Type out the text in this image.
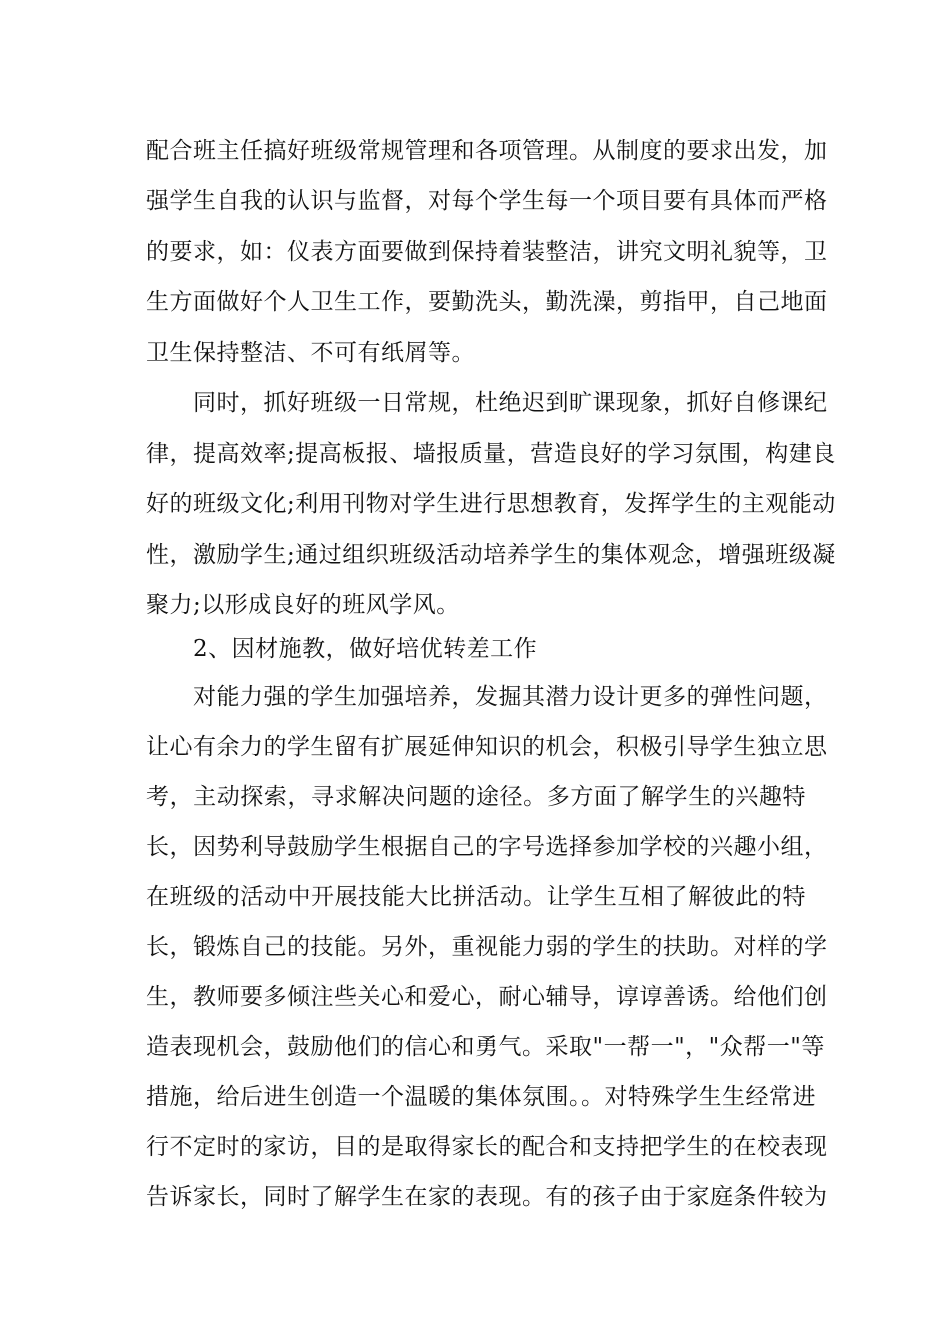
配合班主任搞好班级常规管理和各项管理。从制度的要求出发，加
强学生自我的认识与监督，对每个学生每一个项目要有具体而严格
的要求，如：仪表方面要做到保持着装整洁，讲究文明礼貌等，卫
生方面做好个人卫生工作，要勤洗头，勤洗澡，剪指甲，自己地面
卫生保持整洁、不可有纸屑等。
同时，抓好班级一日常规，杜绝迟到旷课现象，抓好自修课纪
律，提高效率;提高板报、墙报质量，营造良好的学习氛围，构建良
好的班级文化;利用刊物对学生进行思想教育，发挥学生的主观能动
性，激励学生;通过组织班级活动培养学生的集体观念，增强班级凝
聚力;以形成良好的班风学风。
2、因材施教，做好培优转差工作
对能力强的学生加强培养，发掘其潜力设计更多的弹性问题，
让心有余力的学生留有扩展延伸知识的机会，积极引导学生独立思
考，主动探索，寻求解决问题的途径。多方面了解学生的兴趣特
长，因势利导鼓励学生根据自己的字号选择参加学校的兴趣小组，
在班级的活动中开展技能大比拼活动。让学生互相了解彼此的特
长，锻炼自己的技能。另外，重视能力弱的学生的扶助。对样的学
生，教师要多倾注些关心和爱心，耐心辅导，谆谆善诱。给他们创
造表现机会，鼓励他们的信心和勇气。采取"一帮一"，"众帮一"等
措施，给后进生创造一个温暖的集体氛围。。对特殊学生生经常进
行不定时的家访，目的是取得家长的配合和支持把学生的在校表现
告诉家长，同时了解学生在家的表现。有的孩子由于家庭条件较为
